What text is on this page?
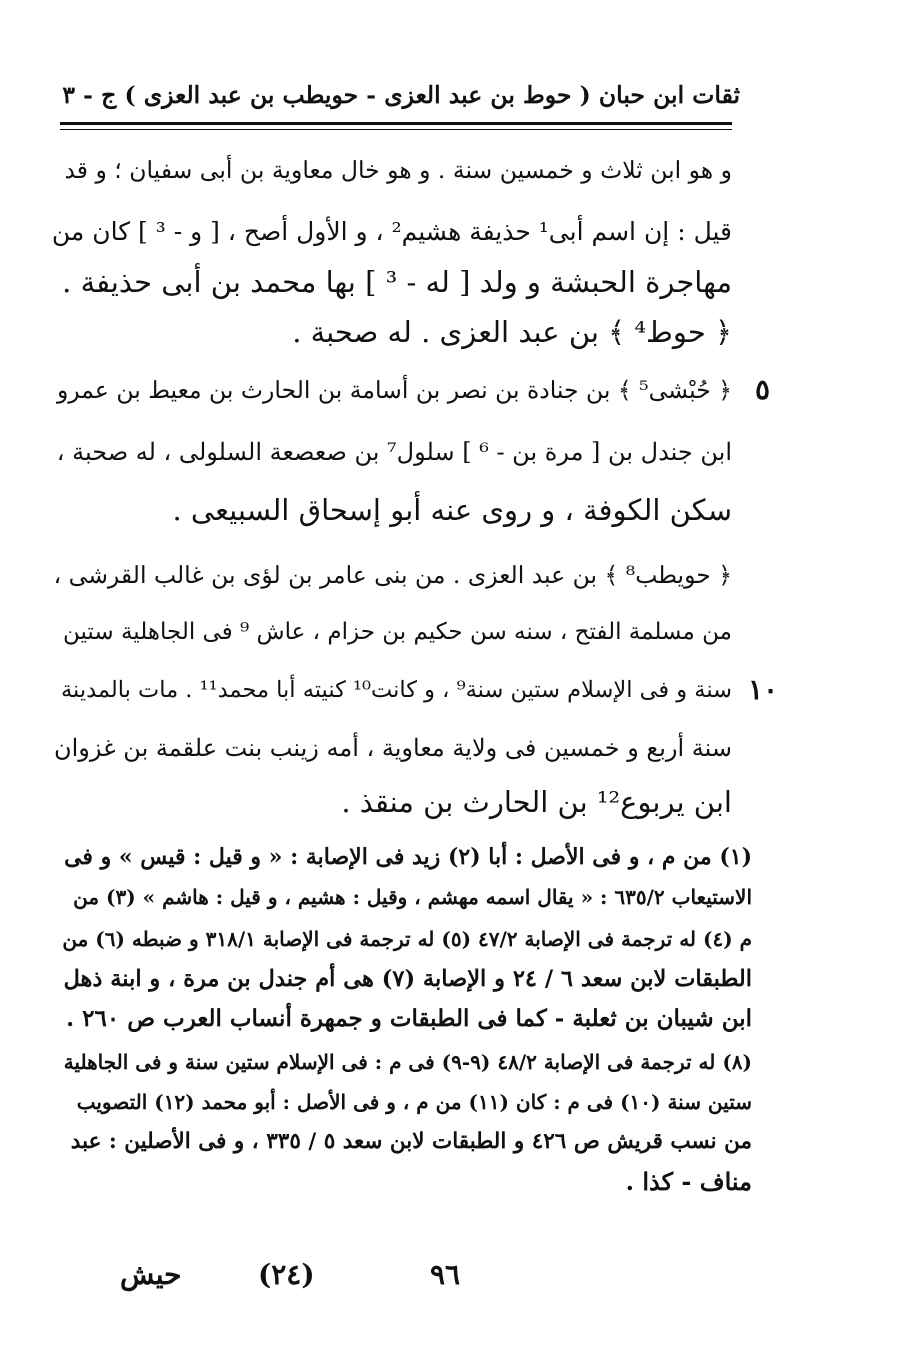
ثقات ابن حبان ( حوط بن عبد العزى - حويطب بن عبد العزى ) ج - ٣
و هو ابن ثلاث و خمسين سنة . و هو خال معاوية بن أبى سفيان ؛ و قد
قيل : إن اسم أبى¹ حذيفة هشيم² ، و الأول أصح ، [ و - ³ ] كان من
مهاجرة الحبشة و ولد [ له - ³ ] بها محمد بن أبى حذيفة .
﴿ حوط⁴ ﴾ بن عبد العزى . له صحبة .
﴿ حُبْشى⁵ ﴾ بن جنادة بن نصر بن أسامة بن الحارث بن معيط بن عمرو
ابن جندل بن [ مرة بن - ⁶ ] سلول⁷ بن صعصعة السلولى ، له صحبة ،
سكن الكوفة ، و روى عنه أبو إسحاق السبيعى .
﴿ حويطب⁸ ﴾ بن عبد العزى . من بنى عامر بن لؤى بن غالب القرشى ،
من مسلمة الفتح ، سنه سن حكيم بن حزام ، عاش ⁹ فى الجاهلية ستين
سنة و فى الإسلام ستين سنة⁹ ، و كانت¹⁰ كنيته أبا محمد¹¹ . مات بالمدينة
سنة أربع و خمسين فى ولاية معاوية ، أمه زينب بنت علقمة بن غزوان
ابن يربوع¹² بن الحارث بن منقذ .
٥
١٠
(١) من م ، و فى الأصل : أبا (٢) زيد فى الإصابة : « و قيل : قيس » و فى
الاستيعاب ٦٣٥/٢ : « يقال اسمه مهشم ، وقيل : هشيم ، و قيل : هاشم » (٣) من
م (٤) له ترجمة فى الإصابة ٤٧/٢ (٥) له ترجمة فى الإصابة ٣١٨/١ و ضبطه (٦) من
الطبقات لابن سعد ٦ / ٢٤ و الإصابة (٧) هى أم جندل بن مرة ، و ابنة ذهل
ابن شيبان بن ثعلبة - كما فى الطبقات و جمهرة أنساب العرب ص ٢٦٠ .
(٨) له ترجمة فى الإصابة ٤٨/٢ (٩-٩) فى م : فى الإسلام ستين سنة و فى الجاهلية
ستين سنة (١٠) فى م : كان (١١) من م ، و فى الأصل : أبو محمد (١٢) التصويب
من نسب قريش ص ٤٢٦ و الطبقات لابن سعد ٥ / ٣٣٥ ، و فى الأصلين : عبد
مناف - كذا .
٩٦
(٢٤)
حيش
